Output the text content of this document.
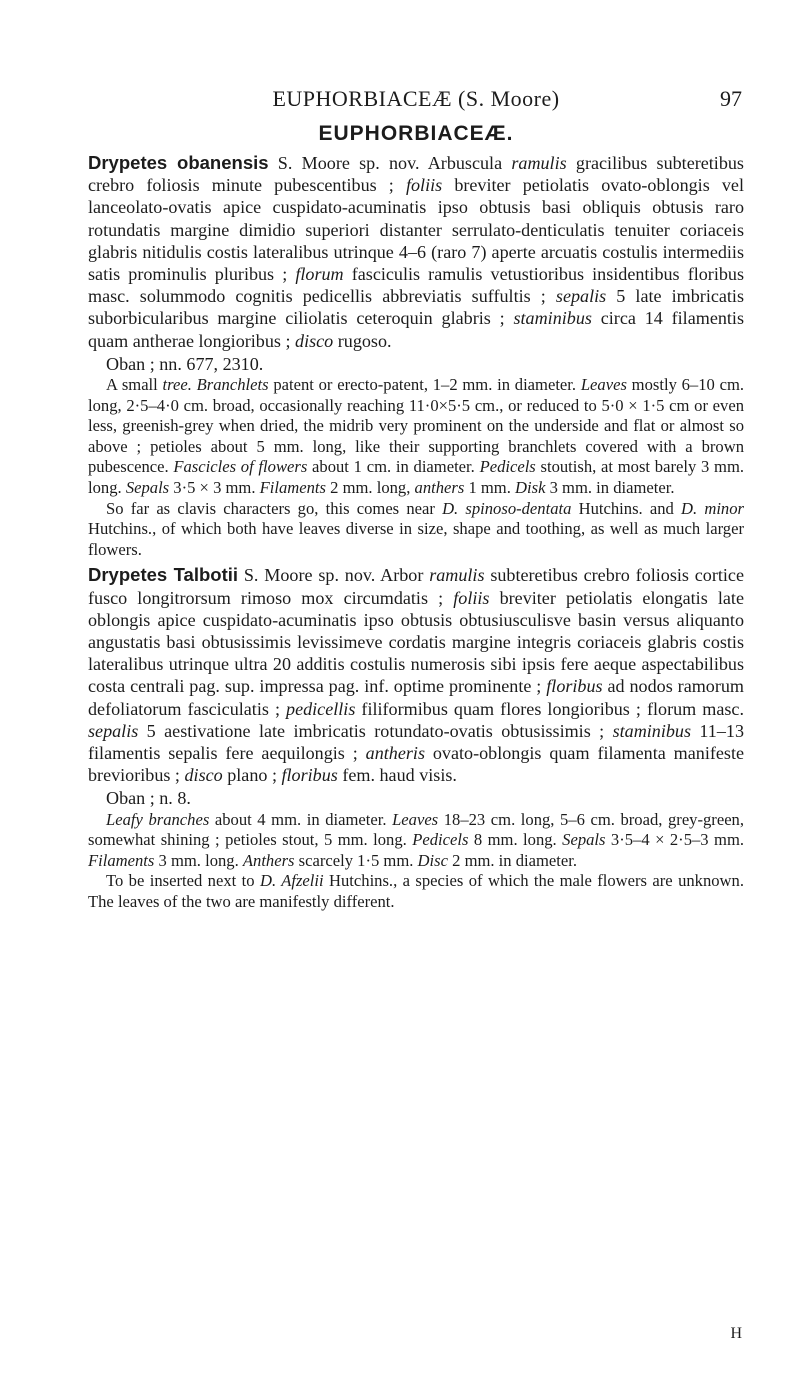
EUPHORBIACEÆ (S. Moore)	97
EUPHORBIACEÆ.

Drypetes obanensis S. Moore sp. nov. Arbuscula ramulis gracilibus subteretibus crebro foliosis minute pubescentibus ; foliis breviter petiolatis ovato-oblongis vel lanceolato-ovatis apice cuspidato-acuminatis ipso obtusis basi obliquis obtusis raro rotundatis margine dimidio superiori distanter serrulato-denticulatis tenuiter coriaceis glabris nitidulis costis lateralibus utrinque 4–6 (raro 7) aperte arcuatis costulis intermediis satis prominulis pluribus ; florum fasciculis ramulis vetustioribus insidentibus floribus masc. solummodo cognitis pedicellis abbreviatis suffultis ; sepalis 5 late imbricatis suborbicularibus margine ciliolatis ceteroquin glabris ; staminibus circa 14 filamentis quam antherae longioribus ; disco rugoso.

Oban ; nn. 677, 2310.

A small tree. Branchlets patent or erecto-patent, 1–2 mm. in diameter. Leaves mostly 6–10 cm. long, 2·5–4·0 cm. broad, occasionally reaching 11·0×5·5 cm., or reduced to 5·0 × 1·5 cm or even less, greenish-grey when dried, the midrib very prominent on the underside and flat or almost so above ; petioles about 5 mm. long, like their supporting branchlets covered with a brown pubescence. Fascicles of flowers about 1 cm. in diameter. Pedicels stoutish, at most barely 3 mm. long. Sepals 3·5 × 3 mm. Filaments 2 mm. long, anthers 1 mm. Disk 3 mm. in diameter.

So far as clavis characters go, this comes near D. spinoso-dentata Hutchins. and D. minor Hutchins., of which both have leaves diverse in size, shape and toothing, as well as much larger flowers.

Drypetes Talbotii S. Moore sp. nov. Arbor ramulis subteretibus crebro foliosis cortice fusco longitrorsum rimoso mox circumdatis ; foliis breviter petiolatis elongatis late oblongis apice cuspidato-acuminatis ipso obtusis obtusiusculisve basin versus aliquanto angustatis basi obtusissimis levissimeve cordatis margine integris coriaceis glabris costis lateralibus utrinque ultra 20 additis costulis numerosis sibi ipsis fere aeque aspectabilibus costa centrali pag. sup. impressa pag. inf. optime prominente ; floribus ad nodos ramorum defoliatorum fasciculatis ; pedicellis filiformibus quam flores longioribus ; florum masc. sepalis 5 aestivatione late imbricatis rotundato-ovatis obtusissimis ; staminibus 11–13 filamentis sepalis fere aequilongis ; antheris ovato-oblongis quam filamenta manifeste brevioribus ; disco plano ; floribus fem. haud visis.

Oban ; n. 8.

Leafy branches about 4 mm. in diameter. Leaves 18–23 cm. long, 5–6 cm. broad, grey-green, somewhat shining ; petioles stout, 5 mm. long. Pedicels 8 mm. long. Sepals 3·5–4 × 2·5–3 mm. Filaments 3 mm. long. Anthers scarcely 1·5 mm. Disc 2 mm. in diameter.

To be inserted next to D. Afzelii Hutchins., a species of which the male flowers are unknown. The leaves of the two are manifestly different.

H
